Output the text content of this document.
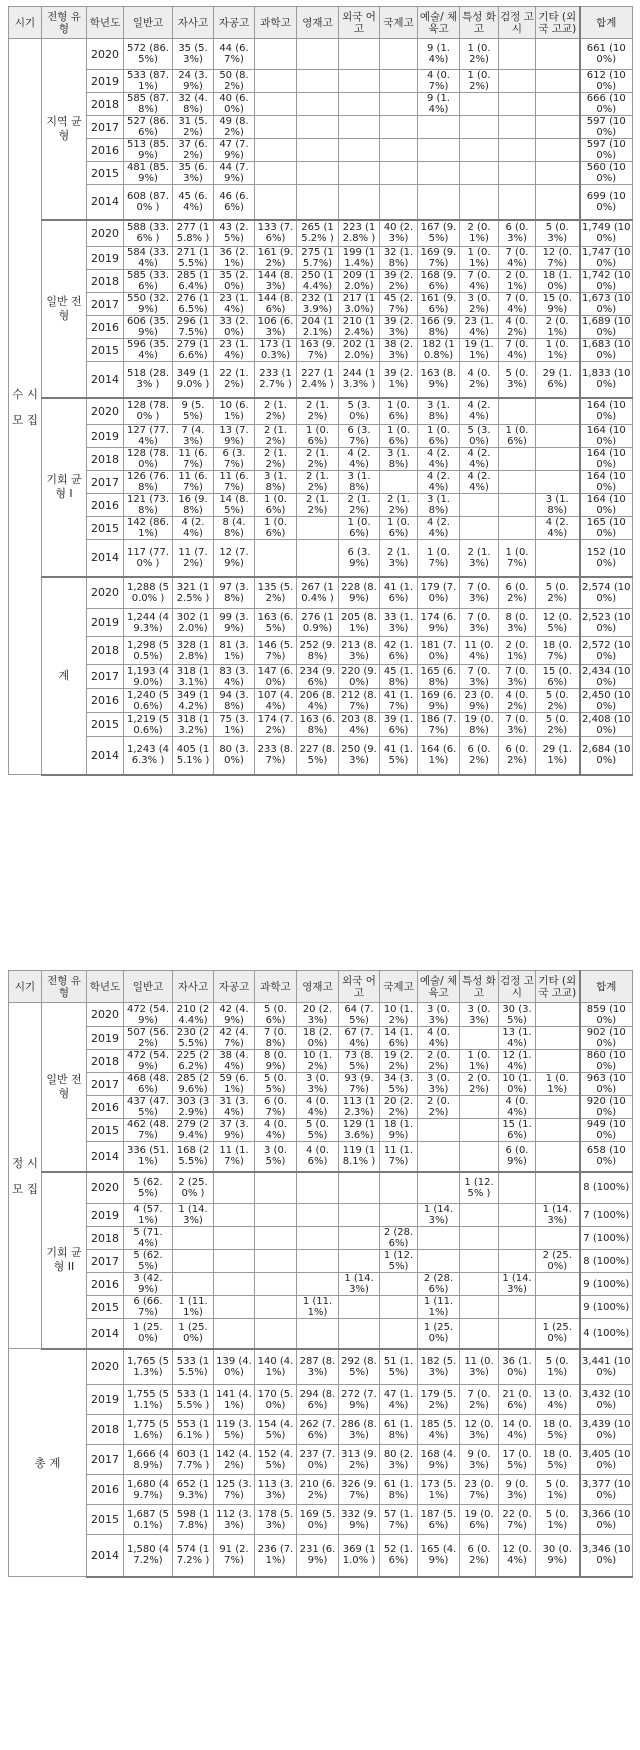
시기	전형 유형	학년도	일반고	자사고	자공고	과학고	영재고	외국 어고	국제고	예술/ 체육고	특성 화고	검정 고시	기타 (외국 고교)	합계
수 시 모 집	지역 균형	2020	572 (86.5%)	35 (5.3%)	44 (6.7%)					9 (1.4%)	1 (0.2%)			661 (100%)
		2019	533 (87.1%)	24 (3.9%)	50 (8.2%)					4 (0.7%)	1 (0.2%)			612 (100%)
		2018	585 (87.8%)	32 (4.8%)	40 (6.0%)					9 (1.4%)				666 (100%)
		2017	527 (86.6%)	31 (5.2%)	49 (8.2%)									597 (100%)
		2016	513 (85.9%)	37 (6.2%)	47 (7.9%)									597 (100%)
		2015	481 (85.9%)	35 (6.3%)	44 (7.9%)									560 (100%)
		2014	608 (87.0% )	45 (6.4%)	46 (6.6%)									699 (100%)
	일반 전형	2020	588 (33.6% )	277 (15.8% )	43 (2.5%)	133 (7.6%)	265 (15.2% )	223 (12.8% )	40 (2.3%)	167 (9.5%)	2 (0.1%)	6 (0.3%)	5 (0.3%)	1,749 (100%)
		2019	584 (33.4%)	271 (15.5%)	36 (2.1%)	161 (9.2%)	275 (15.7%)	199 (11.4%)	32 (1.8%)	169 (9.7%)	1 (0.1%)	7 (0.4%)	12 (0.7%)	1,747 (100%)
		2018	585 (33.6%)	285 (16.4%)	35 (2.0%)	144 (8.3%)	250 (14.4%)	209 (12.0%)	39 (2.2%)	168 (9.6%)	7 (0.4%)	2 (0.1%)	18 (1.0%)	1,742 (100%)
		2017	550 (32.9%)	276 (16.5%)	23 (1.4%)	144 (8.6%)	232 (13.9%)	217 (13.0%)	45 (2.7%)	161 (9.6%)	3 (0.2%)	7 (0.4%)	15 (0.9%)	1,673 (100%)
		2016	606 (35.9%)	296 (17.5%)	33 (2.0%)	106 (6.3%)	204 (12.1%)	210 (12.4%)	39 (2.3%)	166 (9.8%)	23 (1.4%)	4 (0.2%)	2 (0.1%)	1,689 (100%)
		2015	596 (35.4%)	279 (16.6%)	23 (1.4%)	173 (10.3%)	163 (9.7%)	202 (12.0%)	38 (2.3%)	182 (10.8%)	19 (1.1%)	7 (0.4%)	1 (0.1%)	1,683 (100%)
		2014	518 (28.3% )	349 (19.0% )	22 (1.2%)	233 (12.7% )	227 (12.4% )	244 (13.3% )	39 (2.1%)	163 (8.9%)	4 (0.2%)	5 (0.3%)	29 (1.6%)	1,833 (100%)
	기회 균형 I	2020	128 (78.0% )	9 (5.5%)	10 (6.1%)	2 (1.2%)	2 (1.2%)	5 (3.0%)	1 (0.6%)	3 (1.8%)	4 (2.4%)			164 (100%)
		2019	127 (77.4%)	7 (4.3%)	13 (7.9%)	2 (1.2%)	1 (0.6%)	6 (3.7%)	1 (0.6%)	1 (0.6%)	5 (3.0%)	1 (0.6%)		164 (100%)
		2018	128 (78.0%)	11 (6.7%)	6 (3.7%)	2 (1.2%)	2 (1.2%)	4 (2.4%)	3 (1.8%)	4 (2.4%)	4 (2.4%)			164 (100%)
		2017	126 (76.8%)	11 (6.7%)	11 (6.7%)	3 (1.8%)	2 (1.2%)	3 (1.8%)		4 (2.4%)	4 (2.4%)			164 (100%)
		2016	121 (73.8%)	16 (9.8%)	14 (8.5%)	1 (0.6%)	2 (1.2%)	2 (1.2%)	2 (1.2%)	3 (1.8%)			3 (1.8%)	164 (100%)
		2015	142 (86.1%)	4 (2.4%)	8 (4.8%)	1 (0.6%)		1 (0.6%)	1 (0.6%)	4 (2.4%)			4 (2.4%)	165 (100%)
		2014	117 (77.0% )	11 (7.2%)	12 (7.9%)			6 (3.9%)	2 (1.3%)	1 (0.7%)	2 (1.3%)	1 (0.7%)		152 (100%)
	계	2020	1,288 (50.0% )	321 (12.5% )	97 (3.8%)	135 (5.2%)	267 (10.4% )	228 (8.9%)	41 (1.6%)	179 (7.0%)	7 (0.3%)	6 (0.2%)	5 (0.2%)	2,574 (100%)
		2019	1,244 (49.3%)	302 (12.0%)	99 (3.9%)	163 (6.5%)	276 (10.9%)	205 (8.1%)	33 (1.3%)	174 (6.9%)	7 (0.3%)	8 (0.3%)	12 (0.5%)	2,523 (100%)
		2018	1,298 (50.5%)	328 (12.8%)	81 (3.1%)	146 (5.7%)	252 (9.8%)	213 (8.3%)	42 (1.6%)	181 (7.0%)	11 (0.4%)	2 (0.1%)	18 (0.7%)	2,572 (100%)
		2017	1,193 (49.0%)	318 (13.1%)	83 (3.4%)	147 (6.0%)	234 (9.6%)	220 (9.0%)	45 (1.8%)	165 (6.8%)	7 (0.3%)	7 (0.3%)	15 (0.6%)	2,434 (100%)
		2016	1,240 (50.6%)	349 (14.2%)	94 (3.8%)	107 (4.4%)	206 (8.4%)	212 (8.7%)	41 (1.7%)	169 (6.9%)	23 (0.9%)	4 (0.2%)	5 (0.2%)	2,450 (100%)
		2015	1,219 (50.6%)	318 (13.2%)	75 (3.1%)	174 (7.2%)	163 (6.8%)	203 (8.4%)	39 (1.6%)	186 (7.7%)	19 (0.8%)	7 (0.3%)	5 (0.2%)	2,408 (100%)
		2014	1,243 (46.3% )	405 (15.1% )	80 (3.0%)	233 (8.7%)	227 (8.5%)	250 (9.3%)	41 (1.5%)	164 (6.1%)	6 (0.2%)	6 (0.2%)	29 (1.1%)	2,684 (100%)
시기	전형 유형	학년도	일반고	자사고	자공고	과학고	영재고	외국 어고	국제고	예술/ 체육고	특성 화고	검정 고시	기타 (외국 고교)	합계
정 시 모 집	일반 전형	2020	472 (54.9%)	210 (24.4%)	42 (4.9%)	5 (0.6%)	20 (2.3%)	64 (7.5%)	10 (1.2%)	3 (0.3%)	3 (0.3%)	30 (3.5%)		859 (100%)
		2019	507 (56.2%)	230 (25.5%)	42 (4.7%)	7 (0.8%)	18 (2.0%)	67 (7.4%)	14 (1.6%)	4 (0.4%)		13 (1.4%)		902 (100%)
		2018	472 (54.9%)	225 (26.2%)	38 (4.4%)	8 (0.9%)	10 (1.2%)	73 (8.5%)	19 (2.2%)	2 (0.2%)	1 (0.1%)	12 (1.4%)		860 (100%)
		2017	468 (48.6%)	285 (29.6%)	59 (6.1%)	5 (0.5%)	3 (0.3%)	93 (9.7%)	34 (3.5%)	3 (0.3%)	2 (0.2%)	10 (1.0%)	1 (0.1%)	963 (100%)
		2016	437 (47.5%)	303 (32.9%)	31 (3.4%)	6 (0.7%)	4 (0.4%)	113 (12.3%)	20 (2.2%)	2 (0.2%)		4 (0.4%)		920 (100%)
		2015	462 (48.7%)	279 (29.4%)	37 (3.9%)	4 (0.4%)	5 (0.5%)	129 (13.6%)	18 (1.9%)			15 (1.6%)		949 (100%)
		2014	336 (51.1%)	168 (25.5%)	11 (1.7%)	3 (0.5%)	4 (0.6%)	119 (18.1% )	11 (1.7%)			6 (0.9%)		658 (100%)
	기회 균형 II	2020	5 (62.5%)	2 (25.0% )							1 (12.5% )			8 (100%)
		2019	4 (57.1%)	1 (14.3%)						1 (14.3%)			1 (14.3%)	7 (100%)
		2018	5 (71.4%)						2 (28.6%)					7 (100%)
		2017	5 (62.5%)						1 (12.5%)				2 (25.0%)	8 (100%)
		2016	3 (42.9%)					1 (14.3%)		2 (28.6%)		1 (14.3%)		9 (100%)
		2015	6 (66.7%)	1 (11.1%)			1 (11.1%)			1 (11.1%)				9 (100%)
		2014	1 (25.0%)	1 (25.0%)						1 (25.0%)			1 (25.0%)	4 (100%)
총 계		2020	1,765 (51.3%)	533 (15.5%)	139 (4.0%)	140 (4.1%)	287 (8.3%)	292 (8.5%)	51 (1.5%)	182 (5.3%)	11 (0.3%)	36 (1.0%)	5 (0.1%)	3,441 (100%)
		2019	1,755 (51.1%)	533 (15.5% )	141 (4.1%)	170 (5.0%)	294 (8.6%)	272 (7.9%)	47 (1.4%)	179 (5.2%)	7 (0.2%)	21 (0.6%)	13 (0.4%)	3,432 (100%)
		2018	1,775 (51.6%)	553 (16.1% )	119 (3.5%)	154 (4.5%)	262 (7.6%)	286 (8.3%)	61 (1.8%)	185 (5.4%)	12 (0.3%)	14 (0.4%)	18 (0.5%)	3,439 (100%)
		2017	1,666 (48.9%)	603 (17.7% )	142 (4.2%)	152 (4.5%)	237 (7.0%)	313 (9.2%)	80 (2.3%)	168 (4.9%)	9 (0.3%)	17 (0.5%)	18 (0.5%)	3,405 (100%)
		2016	1,680 (49.7%)	652 (19.3%)	125 (3.7%)	113 (3.3%)	210 (6.2%)	326 (9.7%)	61 (1.8%)	173 (5.1%)	23 (0.7%)	9 (0.3%)	5 (0.1%)	3,377 (100%)
		2015	1,687 (50.1%)	598 (17.8%)	112 (3.3%)	178 (5.3%)	169 (5.0%)	332 (9.9%)	57 (1.7%)	187 (5.6%)	19 (0.6%)	22 (0.7%)	5 (0.1%)	3,366 (100%)
		2014	1,580 (47.2%)	574 (17.2% )	91 (2.7%)	236 (7.1%)	231 (6.9%)	369 (11.0% )	52 (1.6%)	165 (4.9%)	6 (0.2%)	12 (0.4%)	30 (0.9%)	3,346 (100%)
